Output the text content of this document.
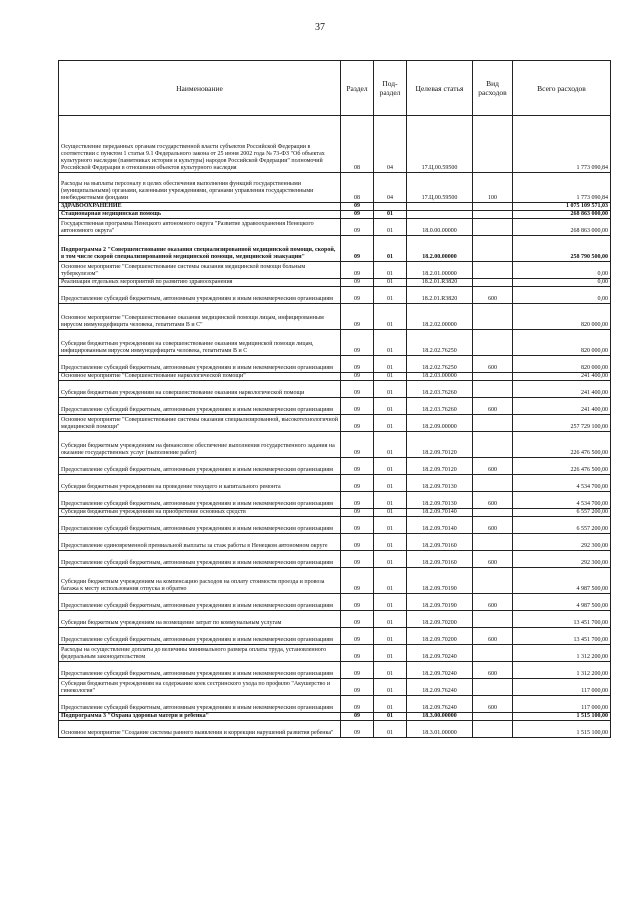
37
Наименование	Раздел	Под-раздел	Целевая статья	Вид расходов	Всего расходов
Осуществление переданных органам государственной власти субъектов Российской Федерации в соответствии с пунктом 1 статьи 9.1 Федерального закона от 25 июня 2002 года № 73-ФЗ "Об объектах культурного наследия (памятниках истории и культуры) народов Российской Федерации" полномочий Российской Федерации в отношении объектов культурного наследия	08	04	17.Ц.00.59500		1 773 090,84
Расходы на выплаты персоналу в целях обеспечения выполнения функций государственными (муниципальными) органами, казенными учреждениями, органами управления государственными внебюджетными фондами	08	04	17.Ц.00.59500	100	1 773 090,84
ЗДРАВООХРАНЕНИЕ	09				1 075 109 571,03
Стационарная медицинская помощь	09	01			268 863 000,00
Государственная программа Ненецкого автономного округа "Развитие здравоохранения Ненецкого автономного округа"	09	01	18.0.00.00000		268 863 000,00
Подпрограмма 2 "Совершенствование оказания специализированной медицинской помощи, скорой, в том числе скорой специализированной медицинской помощи, медицинской эвакуации"	09	01	18.2.00.00000		258 790 500,00
Основное мероприятие "Совершенствование системы оказания медицинской помощи больным туберкулезом"	09	01	18.2.01.00000		0,00
Реализация отдельных мероприятий по развитию здравоохранения	09	01	18.2.01.R3820		0,00
Предоставление субсидий бюджетным, автономным учреждениям и иным некоммерческим организациям	09	01	18.2.01.R3820	600	0,00
Основное мероприятие "Совершенствование оказания медицинской помощи лицам, инфицированным вирусом иммунодефицита человека, гепатитами В и С"	09	01	18.2.02.00000		820 000,00
Субсидия бюджетным учреждениям на совершенствование оказания медицинской помощи лицам, инфицированным вирусом иммунодефицита человека, гепатитами В и С	09	01	18.2.02.76250		820 000,00
Предоставление субсидий бюджетным, автономным учреждениям и иным некоммерческим организациям	09	01	18.2.02.76250	600	820 000,00
Основное мероприятие "Совершенствование наркологической помощи"	09	01	18.2.03.00000		241 400,00
Субсидия бюджетным учреждениям на совершенствование оказания наркологической помощи	09	01	18.2.03.76260		241 400,00
Предоставление субсидий бюджетным, автономным учреждениям и иным некоммерческим организациям	09	01	18.2.03.76260	600	241 400,00
Основное мероприятие "Совершенствование системы оказания специализированной, высокотехнологичной медицинской помощи"	09	01	18.2.09.00000		257 729 100,00
Субсидии бюджетным учреждениям на финансовое обеспечение выполнения государственного задания на оказание государственных услуг (выполнение работ)	09	01	18.2.09.70120		226 476 500,00
Предоставление субсидий бюджетным, автономным учреждениям и иным некоммерческим организациям	09	01	18.2.09.70120	600	226 476 500,00
Субсидия бюджетным учреждениям на проведение текущего и капитального ремонта	09	01	18.2.09.70130		4 534 700,00
Предоставление субсидий бюджетным, автономным учреждениям и иным некоммерческим организациям	09	01	18.2.09.70130	600	4 534 700,00
Субсидия бюджетным учреждениям на приобретение основных средств	09	01	18.2.09.70140		6 557 200,00
Предоставление субсидий бюджетным, автономным учреждениям и иным некоммерческим организациям	09	01	18.2.09.70140	600	6 557 200,00
Предоставление единовременной премиальной выплаты за стаж работы в Ненецком автономном округе	09	01	18.2.09.70160		292 300,00
Предоставление субсидий бюджетным, автономным учреждениям и иным некоммерческим организациям	09	01	18.2.09.70160	600	292 300,00
Субсидии бюджетным учреждениям на компенсацию расходов на оплату стоимости проезда и провоза багажа к месту использования отпуска и обратно	09	01	18.2.09.70190		4 987 500,00
Предоставление субсидий бюджетным, автономным учреждениям и иным некоммерческим организациям	09	01	18.2.09.70190	600	4 987 500,00
Субсидии бюджетным учреждениям на возмещение затрат по коммунальным услугам	09	01	18.2.09.70200		13 451 700,00
Предоставление субсидий бюджетным, автономным учреждениям и иным некоммерческим организациям	09	01	18.2.09.70200	600	13 451 700,00
Расходы на осуществление доплаты до величины минимального размера оплаты труда, установленного федеральным законодательством	09	01	18.2.09.70240		1 312 200,00
Предоставление субсидий бюджетным, автономным учреждениям и иным некоммерческим организациям	09	01	18.2.09.70240	600	1 312 200,00
Субсидия бюджетным учреждениям на содержание коек сестринского ухода по профилю "Акушерство и гинекология"	09	01	18.2.09.76240		117 000,00
Предоставление субсидий бюджетным, автономным учреждениям и иным некоммерческим организациям	09	01	18.2.09.76240	600	117 000,00
Подпрограмма 3 "Охрана здоровья матери и ребенка"	09	01	18.3.00.00000		1 515 100,00
Основное мероприятие "Создание системы раннего выявления и коррекции нарушений развития ребенка"	09	01	18.3.01.00000		1 515 100,00
